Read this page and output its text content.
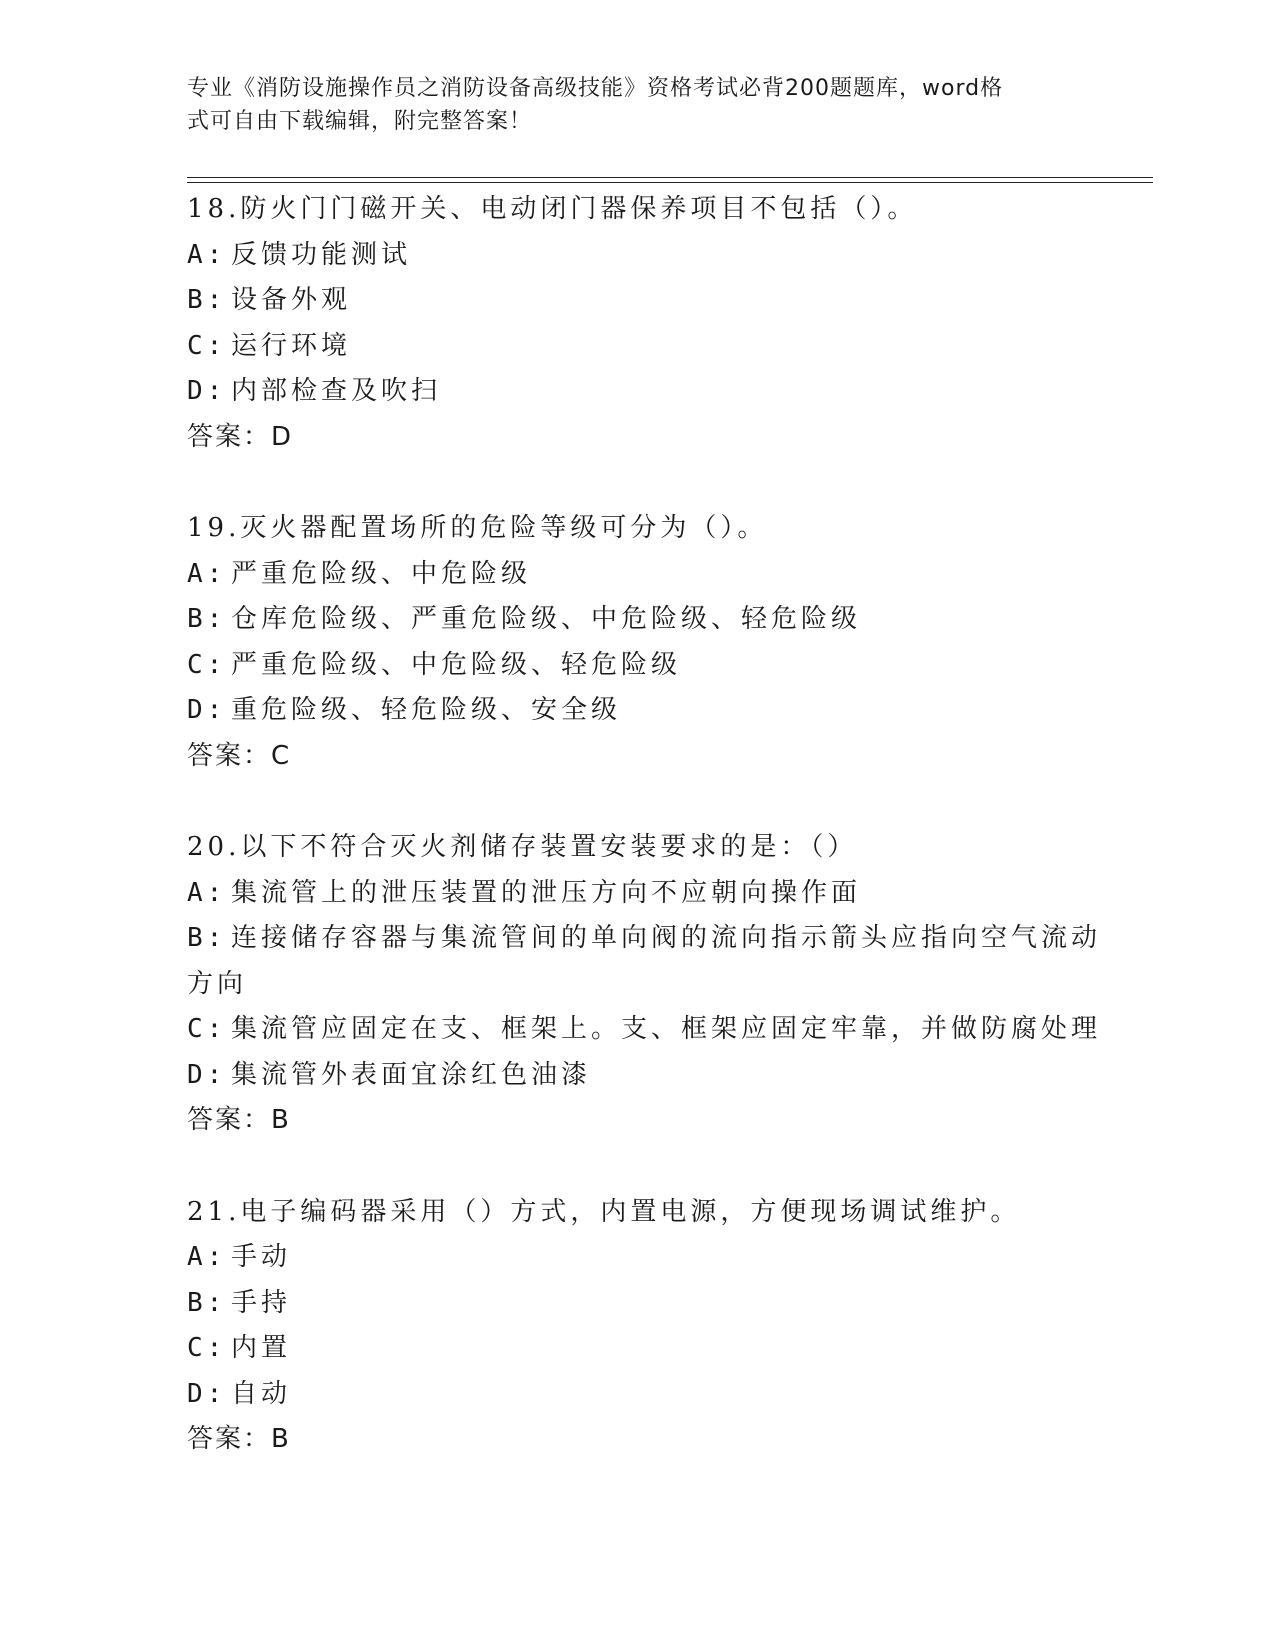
专业《消防设施操作员之消防设备高级技能》资格考试必背200题题库，word格
式可自由下载编辑，附完整答案！
18.防火门门磁开关、电动闭门器保养项目不包括（）。
A: 反馈功能测试
B: 设备外观
C: 运行环境
D: 内部检查及吹扫
答案：D
19.灭火器配置场所的危险等级可分为（）。
A: 严重危险级、中危险级
B: 仓库危险级、严重危险级、中危险级、轻危险级
C: 严重危险级、中危险级、轻危险级
D: 重危险级、轻危险级、安全级
答案：C
20.以下不符合灭火剂储存装置安装要求的是：（）
A: 集流管上的泄压装置的泄压方向不应朝向操作面
B: 连接储存容器与集流管间的单向阀的流向指示箭头应指向空气流动
方向
C: 集流管应固定在支、框架上。支、框架应固定牢靠，并做防腐处理
D: 集流管外表面宜涂红色油漆
答案：B
21.电子编码器采用（）方式，内置电源，方便现场调试维护。
A: 手动
B: 手持
C: 内置
D: 自动
答案：B
